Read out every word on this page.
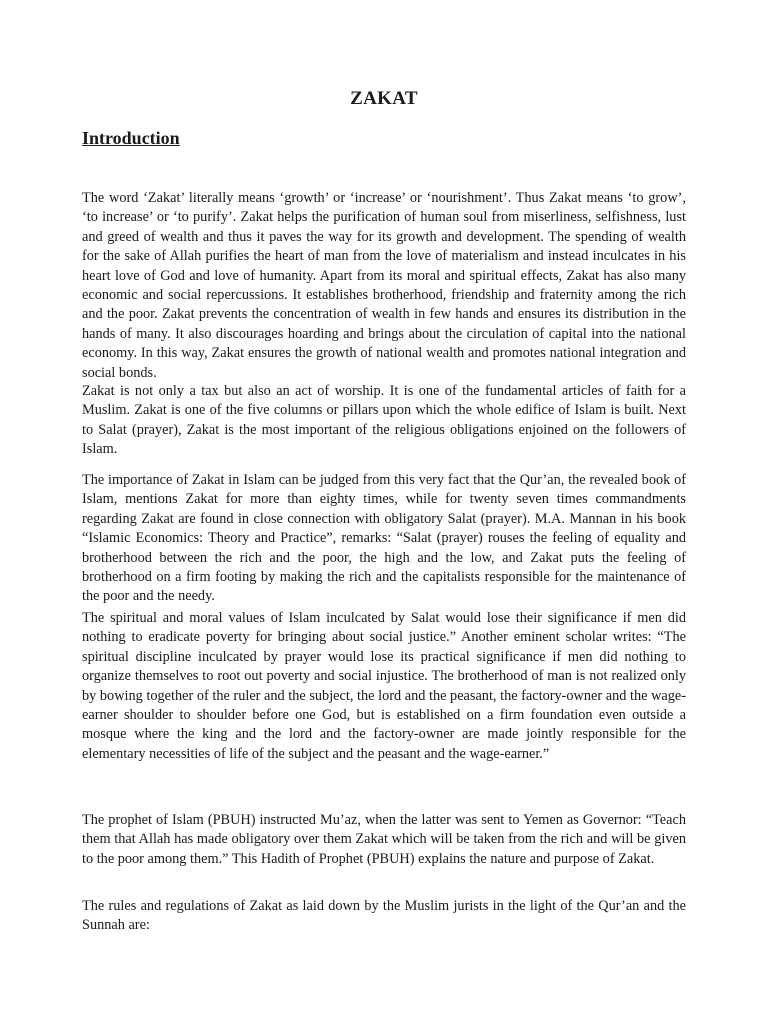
ZAKAT
Introduction

The word ‘Zakat’ literally means ‘growth’ or ‘increase’ or ‘nourishment’. Thus Zakat means ‘to grow’, ‘to increase’ or ‘to purify’. Zakat helps the purification of human soul from miserliness, selfishness, lust and greed of wealth and thus it paves the way for its growth and development. The spending of wealth for the sake of Allah purifies the heart of man from the love of materialism and instead inculcates in his heart love of God and love of humanity. Apart from its moral and spiritual effects, Zakat has also many economic and social repercussions. It establishes brotherhood, friendship and fraternity among the rich and the poor. Zakat prevents the concentration of wealth in few hands and ensures its distribution in the hands of many. It also discourages hoarding and brings about the circulation of capital into the national economy. In this way, Zakat ensures the growth of national wealth and promotes national integration and social bonds.

Zakat is not only a tax but also an act of worship. It is one of the fundamental articles of faith for a Muslim. Zakat is one of the five columns or pillars upon which the whole edifice of Islam is built. Next to Salat (prayer), Zakat is the most important of the religious obligations enjoined on the followers of Islam.

The importance of Zakat in Islam can be judged from this very fact that the Qur’an, the revealed book of Islam, mentions Zakat for more than eighty times, while for twenty seven times commandments regarding Zakat are found in close connection with obligatory Salat (prayer). M.A. Mannan in his book “Islamic Economics: Theory and Practice”, remarks: “Salat (prayer) rouses the feeling of equality and brotherhood between the rich and the poor, the high and the low, and Zakat puts the feeling of brotherhood on a firm footing by making the rich and the capitalists responsible for the maintenance of the poor and the needy.

The spiritual and moral values of Islam inculcated by Salat would lose their significance if men did nothing to eradicate poverty for bringing about social justice.” Another eminent scholar writes: “The spiritual discipline inculcated by prayer would lose its practical significance if men did nothing to organize themselves to root out poverty and social injustice. The brotherhood of man is not realized only by bowing together of the ruler and the subject, the lord and the peasant, the factory-owner and the wage-earner shoulder to shoulder before one God, but is established on a firm foundation even outside a mosque where the king and the lord and the factory-owner are made jointly responsible for the elementary necessities of life of the subject and the peasant and the wage-earner.”

The prophet of Islam (PBUH) instructed Mu’az, when the latter was sent to Yemen as Governor: “Teach them that Allah has made obligatory over them Zakat which will be taken from the rich and will be given to the poor among them.” This Hadith of Prophet (PBUH) explains the nature and purpose of Zakat.

The rules and regulations of Zakat as laid down by the Muslim jurists in the light of the Qur’an and the Sunnah are:
